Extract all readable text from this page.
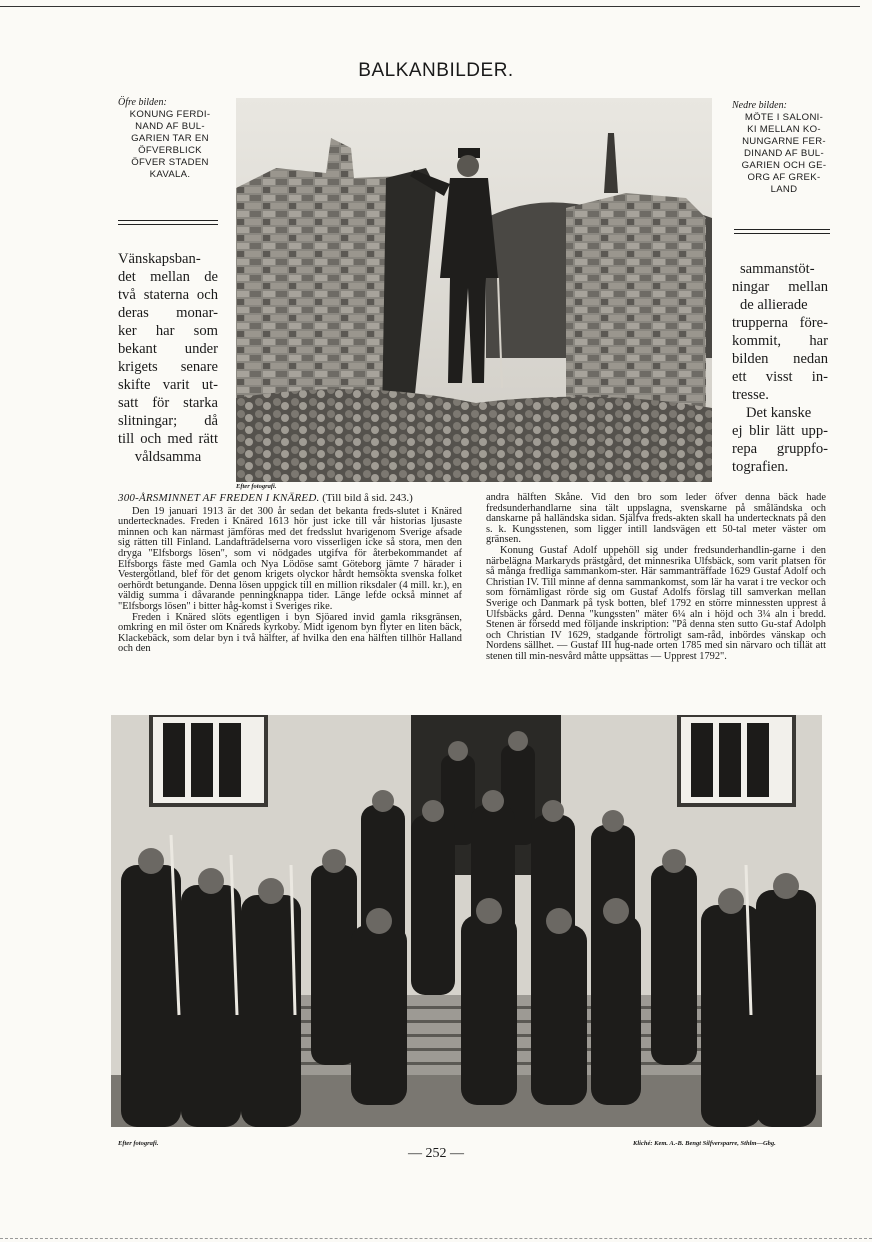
BALKANBILDER.
Öfre bilden:
KONUNG FERDI-
NAND AF BUL-
GARIEN TAR EN
ÖFVERBLICK
ÖFVER STADEN
KAVALA.
Vänskapsban-
det mellan de
två staterna och
deras monar-
ker har som
bekant under
krigets senare
skifte varit ut-
satt för starka
slitningar; då
till och med rätt
våldsamma
Efter fotografi.
Nedre bilden:
MÖTE I SALONI-
KI MELLAN KO-
NUNGARNE FER-
DINAND AF BUL-
GARIEN OCH GE-
ORG AF GREK-
LAND
sammanstöt-
ningar mellan
de allierade
trupperna före-
kommit, har
bilden nedan
ett visst in-
tresse.
Det kanske
ej blir lätt upp-
repa gruppfo-
tografien.
300-ÅRSMINNET AF FREDEN I KNÄRED. (Till bild å sid. 243.)

Den 19 januari 1913 är det 300 år sedan det bekanta freds-slutet i Knäred undertecknades. Freden i Knäred 1613 hör just icke till vår historias ljusaste minnen och kan närmast jämföras med det fredsslut hvarigenom Sverige afsade sig rätten till Finland. Landafträdelserna voro visserligen icke så stora, men den dryga "Elfsborgs lösen", som vi nödgades utgifva för återbekommandet af Elfsborgs fäste med Gamla och Nya Lödöse samt Göteborg jämte 7 härader i Vestergötland, blef för det genom krigets olyckor hårdt hemsökta svenska folket oerhördt betungande. Denna lösen uppgick till en million riksdaler (4 mill. kr.), en väldig summa i dåvarande penningknappa tider. Länge lefde också minnet af "Elfsborgs lösen" i bitter håg-komst i Sveriges rike.

Freden i Knäred slöts egentligen i byn Sjöared invid gamla riksgränsen, omkring en mil öster om Knäreds kyrkoby. Midt igenom byn flyter en liten bäck, Klackebäck, som delar byn i två hälfter, af hvilka den ena hälften tillhör Halland och den

andra hälften Skåne. Vid den bro som leder öfver denna bäck hade fredsunderhandlarne sina tält uppslagna, svenskarne på småländska och danskarne på halländska sidan. Själfva freds-akten skall ha undertecknats på den s. k. Kungsstenen, som ligger intill landsvägen ett 50-tal meter väster om gränsen.

Konung Gustaf Adolf uppehöll sig under fredsunderhandlin-garne i den närbelägna Markaryds prästgård, det minnesrika Ulfsbäck, som varit platsen för så många fredliga sammankom-ster. Här sammanträffade 1629 Gustaf Adolf och Christian IV. Till minne af denna sammankomst, som lär ha varat i tre veckor och som förnämligast rörde sig om Gustaf Adolfs förslag till samverkan mellan Sverige och Danmark på tysk botten, blef 1792 en större minnessten upprest å Ulfsbäcks gård. Denna "kungssten" mäter 6¼ aln i höjd och 3¼ aln i bredd. Stenen är försedd med följande inskription: "På denna sten sutto Gu-staf Adolph och Christian IV 1629, stadgande förtroligt sam-råd, inbördes vänskap och Nordens sällhet. — Gustaf III hug-nade orten 1785 med sin närvaro och tillät att stenen till min-nesvård måtte uppsättas — Upprest 1792".

Efter fotografi.	Kliché: Kem. A.-B. Bengt Silfversparre, Sthlm—Gbg.
— 252 —
